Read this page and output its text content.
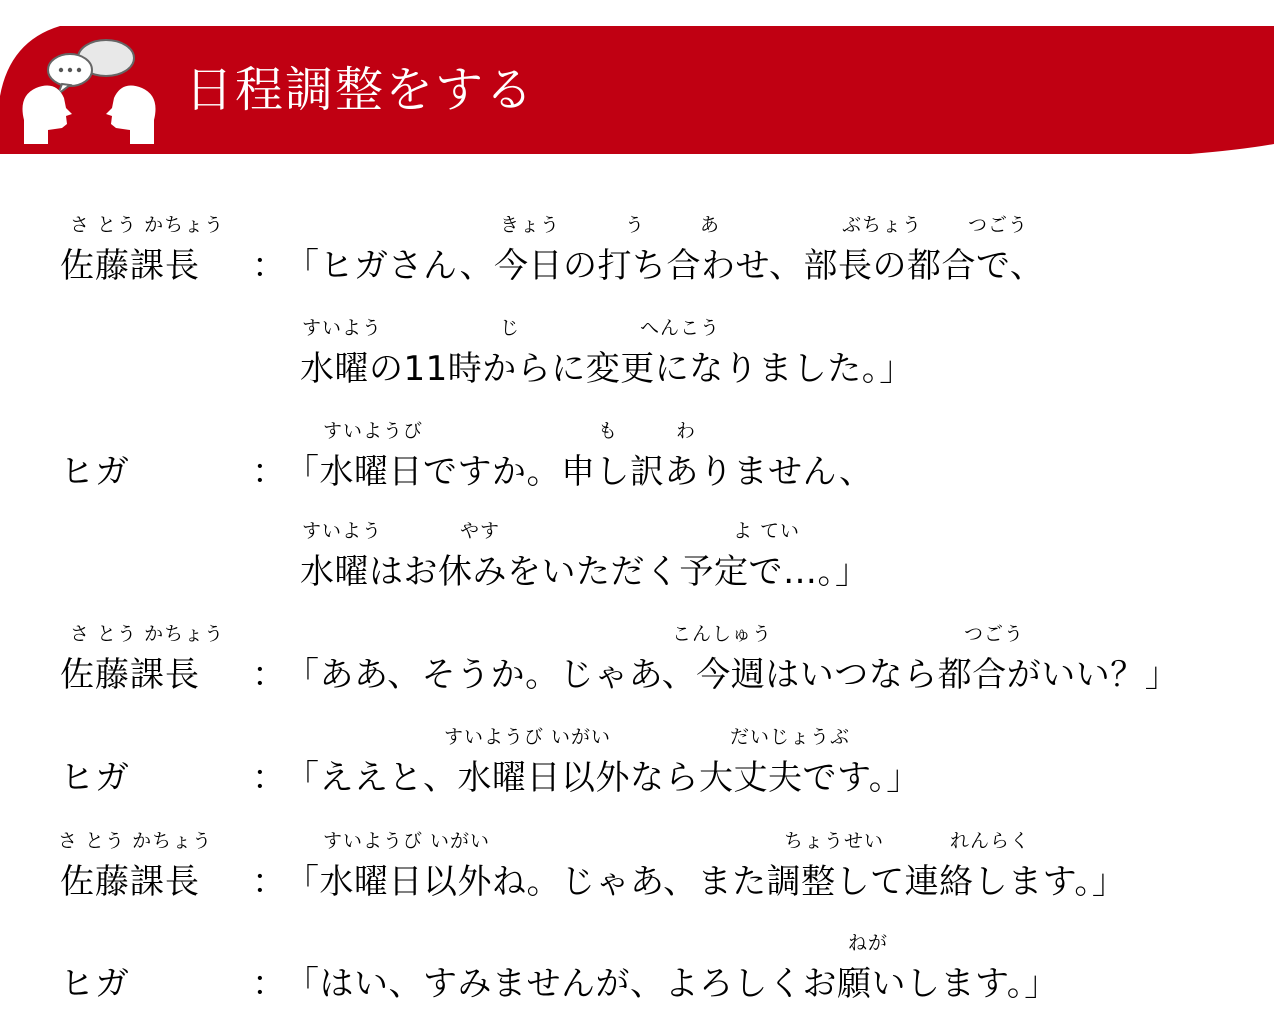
日程調整をする
さ とう かちょう
佐藤課長 ：
きょう	う	あ	ぶちょう つごう
「ヒガさん、今日の打ち合わせ、部長の都合で、
すいよう	じ	へんこう
水曜の11時からに変更になりました。」
ヒガ	：
すいようび	も	わ
「水曜日ですか。申し訳ありません、
すいよう	やす	よ てい
水曜はお休みをいただく予定で…。」
さ とう かちょう
佐藤課長 ：
こんしゅう	つごう
「ああ、そうか。じゃあ、今週はいつなら都合がいい？」
ヒガ	：
すいようび いがい	だいじょうぶ
「ええと、水曜日以外なら大丈夫です。」
さ とう かちょう
佐藤課長 ：
すいようび いがい	ちょうせい	れんらく
「水曜日以外ね。じゃあ、また調整して連絡します。」
ヒガ	：
ねが
「はい、すみませんが、よろしくお願いします。」
